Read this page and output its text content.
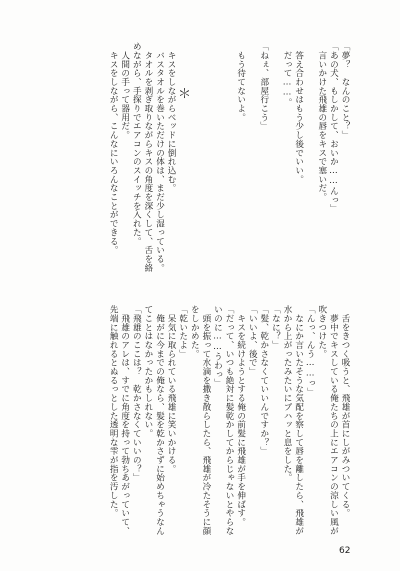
「夢？　なんのこと？」
「あの犬、もしかして、おいか……んっ」
　言いかけた飛雄の唇をキスで塞いだ。

　答え合わせはもう少し後でいい。
　だって……。

「ねぇ、部屋行こう」

　もう待てないよ。

　キスをしながらベッドに倒れ込む。
　バスタオルを巻いただけの体は、まだ少し湿っている。
　タオルを剥ぎ取りながらキスの角度を深くして、舌を絡
めながら、手探りでエアコンのスイッチを入れた。
　人間の手って器用だ。
　キスをしながら、こんなにいろんなことができる。	＊
　舌をきつく吸うと、飛雄が首にしがみついてくる。
　夢中でキスしている俺たちの上にエアコンの涼しい風が
吹きつけた。
「んっ、んう……っ」
　なにか言いたそうな気配を察して唇を離したら、飛雄が
水から上がったみたいにブハッと息をした。
「なに？」
「髪、乾かさなくていいんですか？」
「いいよ、後で」
　キスを続けようとする俺の前髪に飛雄が手を伸ばす。
「だって、いつも絶対に髪乾かしてからじゃないとやらな
いのに……うわっ」
　頭を振って水滴を撒き散らしたら、飛雄が冷たそうに顔
をしかめた。
「乾いたよ」
　呆気に取られている飛雄に笑いかける。
　俺がに今までの俺なら、髪を乾かさずに始めちゃうなん
てことはなかったかもしれない。
「飛雄のここは？　乾かさなくていいの？」
　飛雄のアレは、すでに角度を持って勃ちあがっていて、
先端に触れるとぬるっとした透明な雫が指を汚した。
62
